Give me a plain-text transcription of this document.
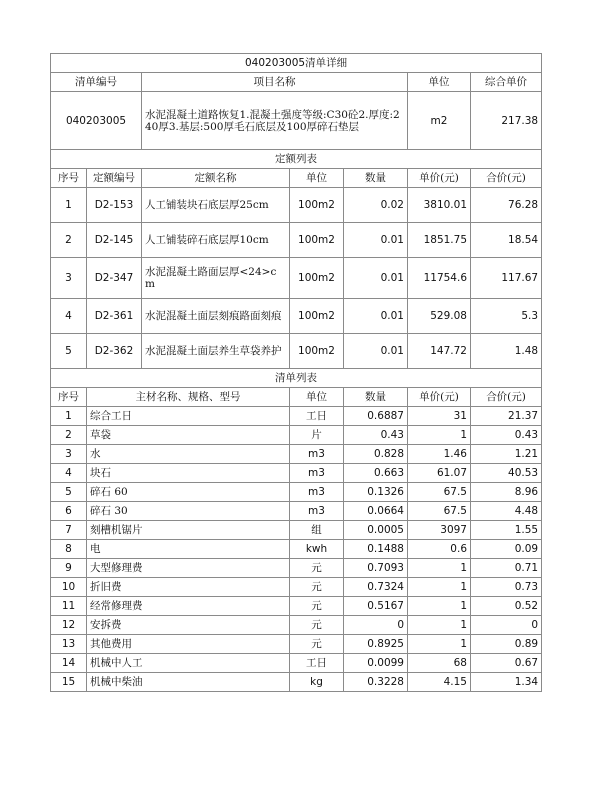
040203005清单详细						
清单编号		项目名称			单位	综合单价
040203005		水泥混凝土道路恢复1.混凝土强度等级:C30砼2.厚度:240厚3.基层:500厚毛石底层及100厚碎石垫层			m2	217.38
定额列表						
序号	定额编号	定额名称	单位	数量	单价(元)	合价(元)
1	D2-153	人工铺装块石底层厚25cm	100m2	0.02	3810.01	76.28
2	D2-145	人工铺装碎石底层厚10cm	100m2	0.01	1851.75	18.54
3	D2-347	水泥混凝土路面层厚<24>cm	100m2	0.01	11754.6	117.67
4	D2-361	水泥混凝土面层刻痕路面刻痕	100m2	0.01	529.08	5.3
5	D2-362	水泥混凝土面层养生草袋养护	100m2	0.01	147.72	1.48
清单列表						
序号	主材名称、规格、型号		单位	数量	单价(元)	合价(元)
1	综合工日		工日	0.6887	31	21.37
2	草袋		片	0.43	1	0.43
3	水		m3	0.828	1.46	1.21
4	块石		m3	0.663	61.07	40.53
5	碎石 60		m3	0.1326	67.5	8.96
6	碎石 30		m3	0.0664	67.5	4.48
7	刻槽机锯片		组	0.0005	3097	1.55
8	电		kwh	0.1488	0.6	0.09
9	大型修理费		元	0.7093	1	0.71
10	折旧费		元	0.7324	1	0.73
11	经常修理费		元	0.5167	1	0.52
12	安拆费		元	0	1	0
13	其他费用		元	0.8925	1	0.89
14	机械中人工		工日	0.0099	68	0.67
15	机械中柴油		kg	0.3228	4.15	1.34
